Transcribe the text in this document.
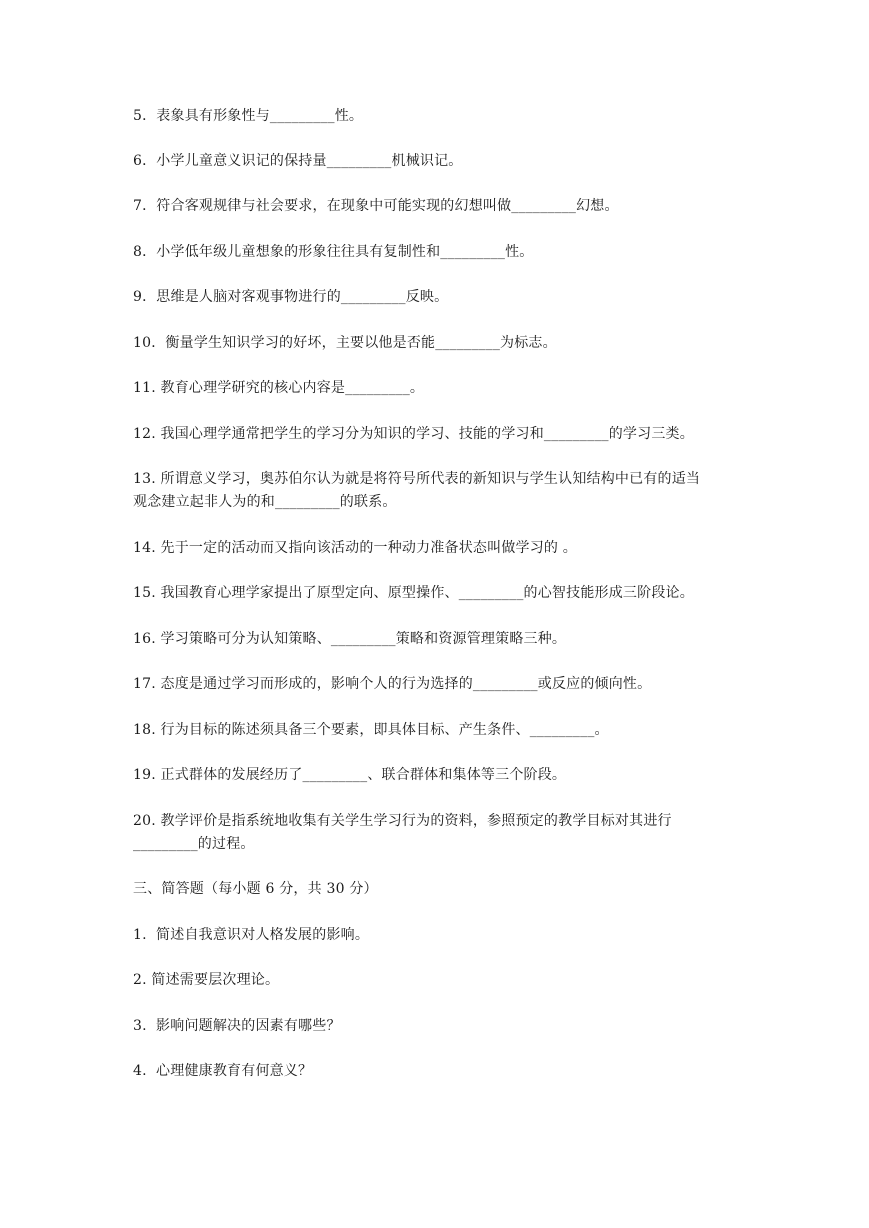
5．表象具有形象性与_________性。
6．小学儿童意义识记的保持量_________机械识记。
7．符合客观规律与社会要求，在现象中可能实现的幻想叫做_________幻想。
8．小学低年级儿童想象的形象往往具有复制性和_________性。
9．思维是人脑对客观事物进行的_________反映。
10．衡量学生知识学习的好坏，主要以他是否能_________为标志。
11. 教育心理学研究的核心内容是_________。
12. 我国心理学通常把学生的学习分为知识的学习、技能的学习和_________的学习三类。
13. 所谓意义学习，奥苏伯尔认为就是将符号所代表的新知识与学生认知结构中已有的适当
观念建立起非人为的和_________的联系。
14. 先于一定的活动而又指向该活动的一种动力准备状态叫做学习的 。
15. 我国教育心理学家提出了原型定向、原型操作、_________的心智技能形成三阶段论。
16. 学习策略可分为认知策略、_________策略和资源管理策略三种。
17. 态度是通过学习而形成的，影响个人的行为选择的_________或反应的倾向性。
18. 行为目标的陈述须具备三个要素，即具体目标、产生条件、_________。
19. 正式群体的发展经历了_________、联合群体和集体等三个阶段。
20. 教学评价是指系统地收集有关学生学习行为的资料，参照预定的教学目标对其进行
_________的过程。
三、简答题（每小题 6 分，共 30 分）
1.  简述自我意识对人格发展的影响。
2. 简述需要层次理论。
3.  影响问题解决的因素有哪些？
4.  心理健康教育有何意义？
